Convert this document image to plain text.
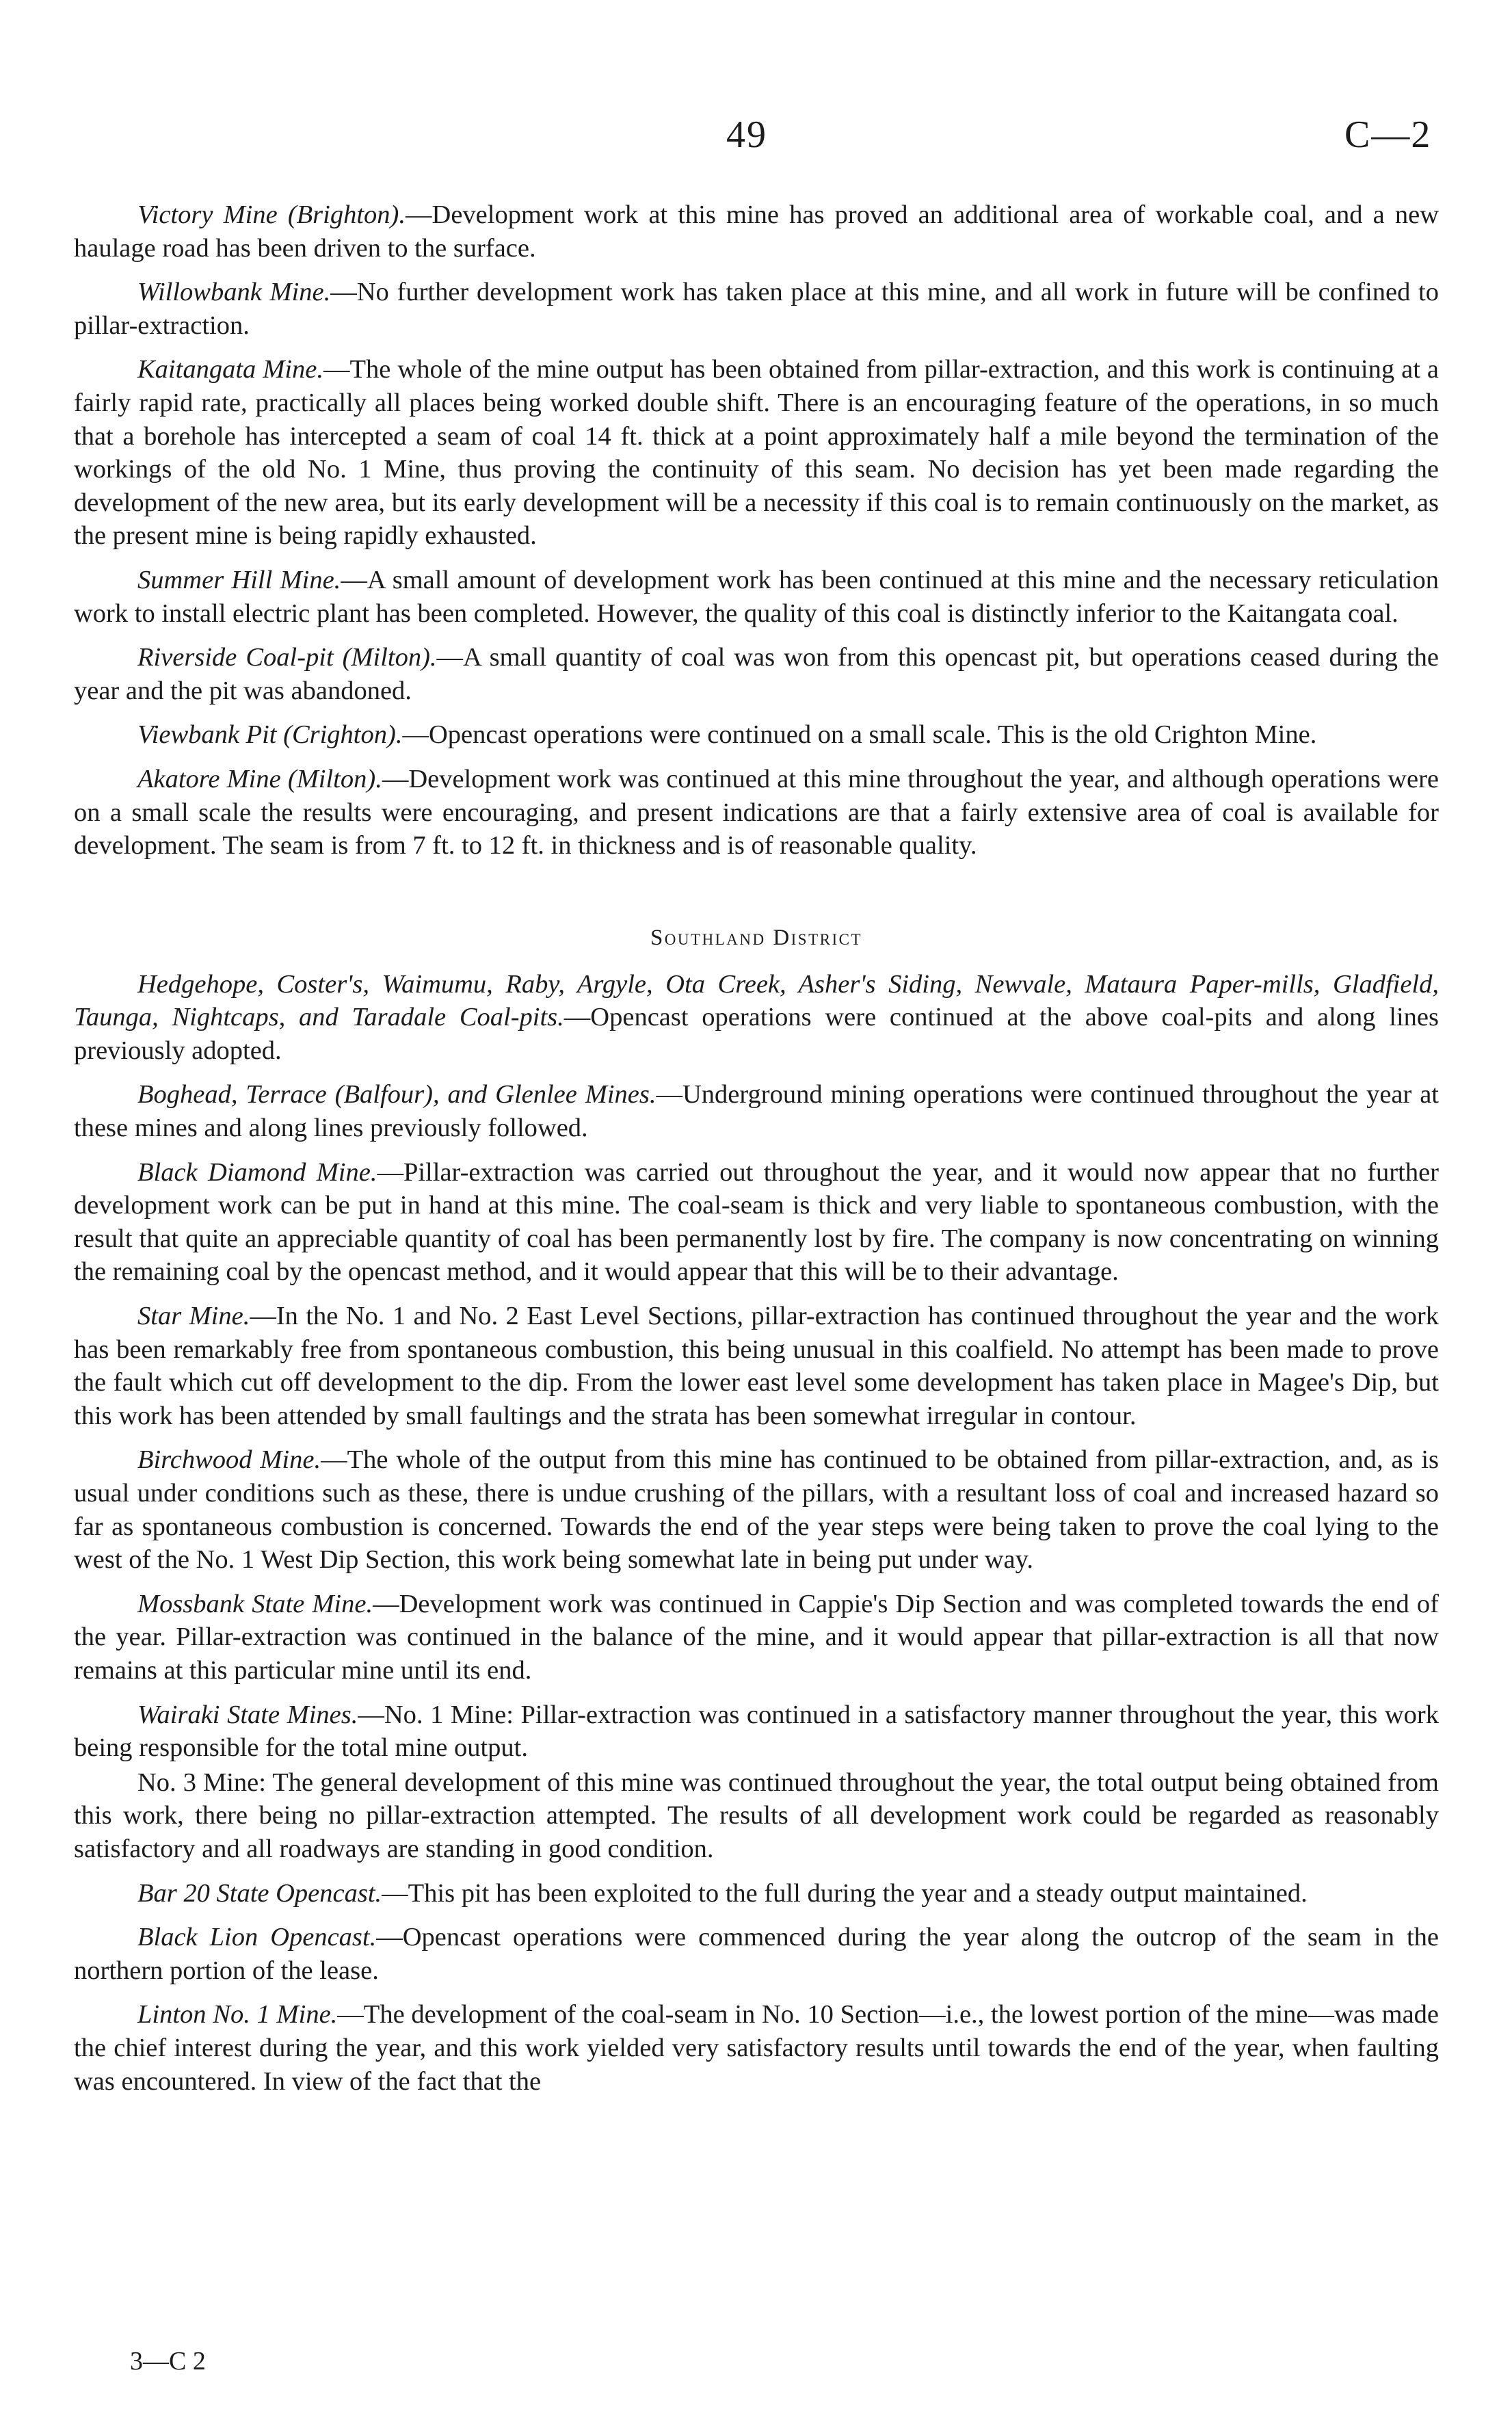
49	C—2

Victory Mine (Brighton).—Development work at this mine has proved an additional area of workable coal, and a new haulage road has been driven to the surface.

Willowbank Mine.—No further development work has taken place at this mine, and all work in future will be confined to pillar-extraction.

Kaitangata Mine.—The whole of the mine output has been obtained from pillar-extraction, and this work is continuing at a fairly rapid rate, practically all places being worked double shift. There is an encouraging feature of the operations, in so much that a borehole has intercepted a seam of coal 14 ft. thick at a point approximately half a mile beyond the termination of the workings of the old No. 1 Mine, thus proving the continuity of this seam. No decision has yet been made regarding the development of the new area, but its early development will be a necessity if this coal is to remain continuously on the market, as the present mine is being rapidly exhausted.

Summer Hill Mine.—A small amount of development work has been continued at this mine and the necessary reticulation work to install electric plant has been completed. However, the quality of this coal is distinctly inferior to the Kaitangata coal.

Riverside Coal-pit (Milton).—A small quantity of coal was won from this opencast pit, but operations ceased during the year and the pit was abandoned.

Viewbank Pit (Crighton).—Opencast operations were continued on a small scale. This is the old Crighton Mine.

Akatore Mine (Milton).—Development work was continued at this mine throughout the year, and although operations were on a small scale the results were encouraging, and present indications are that a fairly extensive area of coal is available for development. The seam is from 7 ft. to 12 ft. in thickness and is of reasonable quality.

Southland District

Hedgehope, Coster's, Waimumu, Raby, Argyle, Ota Creek, Asher's Siding, Newvale, Mataura Paper-mills, Gladfield, Taunga, Nightcaps, and Taradale Coal-pits.—Opencast operations were continued at the above coal-pits and along lines previously adopted.

Boghead, Terrace (Balfour), and Glenlee Mines.—Underground mining operations were continued throughout the year at these mines and along lines previously followed.

Black Diamond Mine.—Pillar-extraction was carried out throughout the year, and it would now appear that no further development work can be put in hand at this mine. The coal-seam is thick and very liable to spontaneous combustion, with the result that quite an appreciable quantity of coal has been permanently lost by fire. The company is now concentrating on winning the remaining coal by the opencast method, and it would appear that this will be to their advantage.

Star Mine.—In the No. 1 and No. 2 East Level Sections, pillar-extraction has continued throughout the year and the work has been remarkably free from spontaneous combustion, this being unusual in this coalfield. No attempt has been made to prove the fault which cut off development to the dip. From the lower east level some development has taken place in Magee's Dip, but this work has been attended by small faultings and the strata has been somewhat irregular in contour.

Birchwood Mine.—The whole of the output from this mine has continued to be obtained from pillar-extraction, and, as is usual under conditions such as these, there is undue crushing of the pillars, with a resultant loss of coal and increased hazard so far as spontaneous combustion is concerned. Towards the end of the year steps were being taken to prove the coal lying to the west of the No. 1 West Dip Section, this work being somewhat late in being put under way.

Mossbank State Mine.—Development work was continued in Cappie's Dip Section and was completed towards the end of the year. Pillar-extraction was continued in the balance of the mine, and it would appear that pillar-extraction is all that now remains at this particular mine until its end.

Wairaki State Mines.—No. 1 Mine: Pillar-extraction was continued in a satisfactory manner throughout the year, this work being responsible for the total mine output.

No. 3 Mine: The general development of this mine was continued throughout the year, the total output being obtained from this work, there being no pillar-extraction attempted. The results of all development work could be regarded as reasonably satisfactory and all roadways are standing in good condition.

Bar 20 State Opencast.—This pit has been exploited to the full during the year and a steady output maintained.

Black Lion Opencast.—Opencast operations were commenced during the year along the outcrop of the seam in the northern portion of the lease.

Linton No. 1 Mine.—The development of the coal-seam in No. 10 Section—i.e., the lowest portion of the mine—was made the chief interest during the year, and this work yielded very satisfactory results until towards the end of the year, when faulting was encountered. In view of the fact that the

3—C 2
